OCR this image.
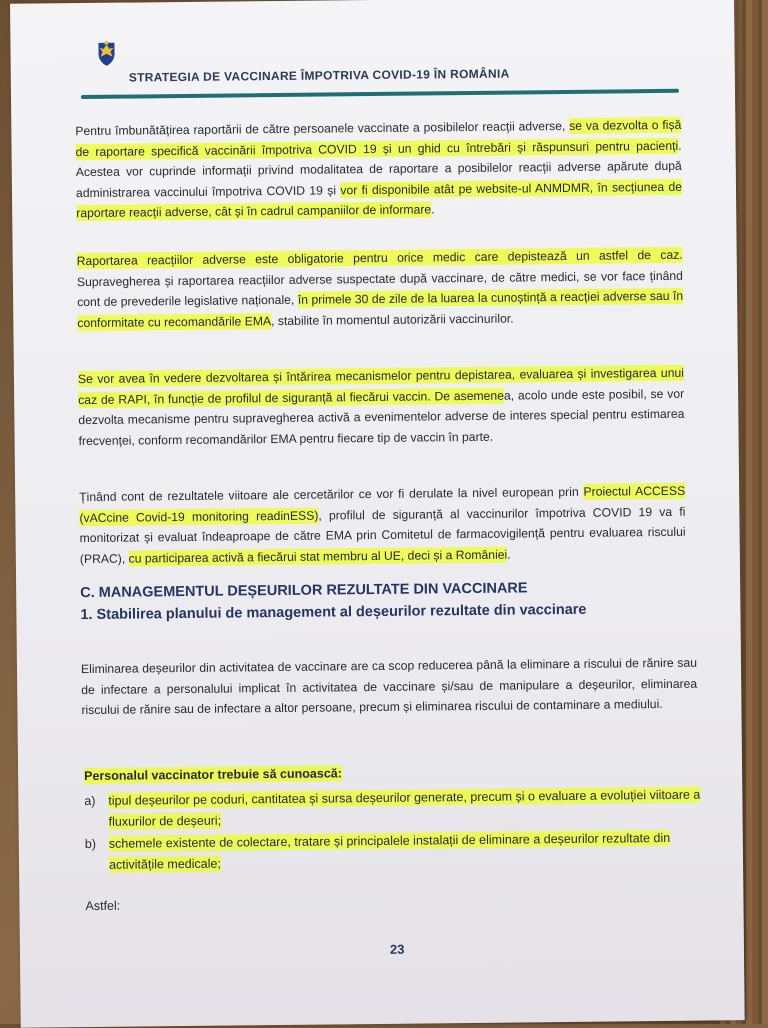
STRATEGIA DE VACCINARE ÎMPOTRIVA COVID-19 ÎN ROMÂNIA

Pentru îmbunătățirea raportării de către persoanele vaccinate a posibilelor reacții adverse, se va dezvolta o fișă de raportare specifică vaccinării împotriva COVID 19 și un ghid cu întrebări și răspunsuri pentru pacienți. Acestea vor cuprinde informații privind modalitatea de raportare a posibilelor reacții adverse apărute după administrarea vaccinului împotriva COVID 19 și vor fi disponibile atât pe website-ul ANMDMR, în secțiunea de raportare reacții adverse, cât și în cadrul campaniilor de informare.

Raportarea reacțiilor adverse este obligatorie pentru orice medic care depistează un astfel de caz. Supravegherea și raportarea reacțiilor adverse suspectate după vaccinare, de către medici, se vor face ținând cont de prevederile legislative naționale, în primele 30 de zile de la luarea la cunoștință a reacției adverse sau în conformitate cu recomandările EMA, stabilite în momentul autorizării vaccinurilor.

Se vor avea în vedere dezvoltarea și întărirea mecanismelor pentru depistarea, evaluarea și investigarea unui caz de RAPI, în funcție de profilul de siguranță al fiecărui vaccin. De asemenea, acolo unde este posibil, se vor dezvolta mecanisme pentru supravegherea activă a evenimentelor adverse de interes special pentru estimarea frecvenței, conform recomandărilor EMA pentru fiecare tip de vaccin în parte.

Ținând cont de rezultatele viitoare ale cercetărilor ce vor fi derulate la nivel european prin Proiectul ACCESS (vACcine Covid-19 monitoring readinESS), profilul de siguranță al vaccinurilor împotriva COVID 19 va fi monitorizat și evaluat îndeaproape de către EMA prin Comitetul de farmacovigilență pentru evaluarea riscului (PRAC), cu participarea activă a fiecărui stat membru al UE, deci și a României.

C. MANAGEMENTUL DEȘEURILOR REZULTATE DIN VACCINARE
1. Stabilirea planului de management al deșeurilor rezultate din vaccinare

Eliminarea deșeurilor din activitatea de vaccinare are ca scop reducerea până la eliminare a riscului de rănire sau de infectare a personalului implicat în activitatea de vaccinare și/sau de manipulare a deșeurilor, eliminarea riscului de rănire sau de infectare a altor persoane, precum și eliminarea riscului de contaminare a mediului.

Personalul vaccinator trebuie să cunoască:

a) tipul deșeurilor pe coduri, cantitatea și sursa deșeurilor generate, precum și o evaluare a evoluției viitoare a fluxurilor de deșeuri;
b) schemele existente de colectare, tratare și principalele instalații de eliminare a deșeurilor rezultate din activitățile medicale;

Astfel:

23
